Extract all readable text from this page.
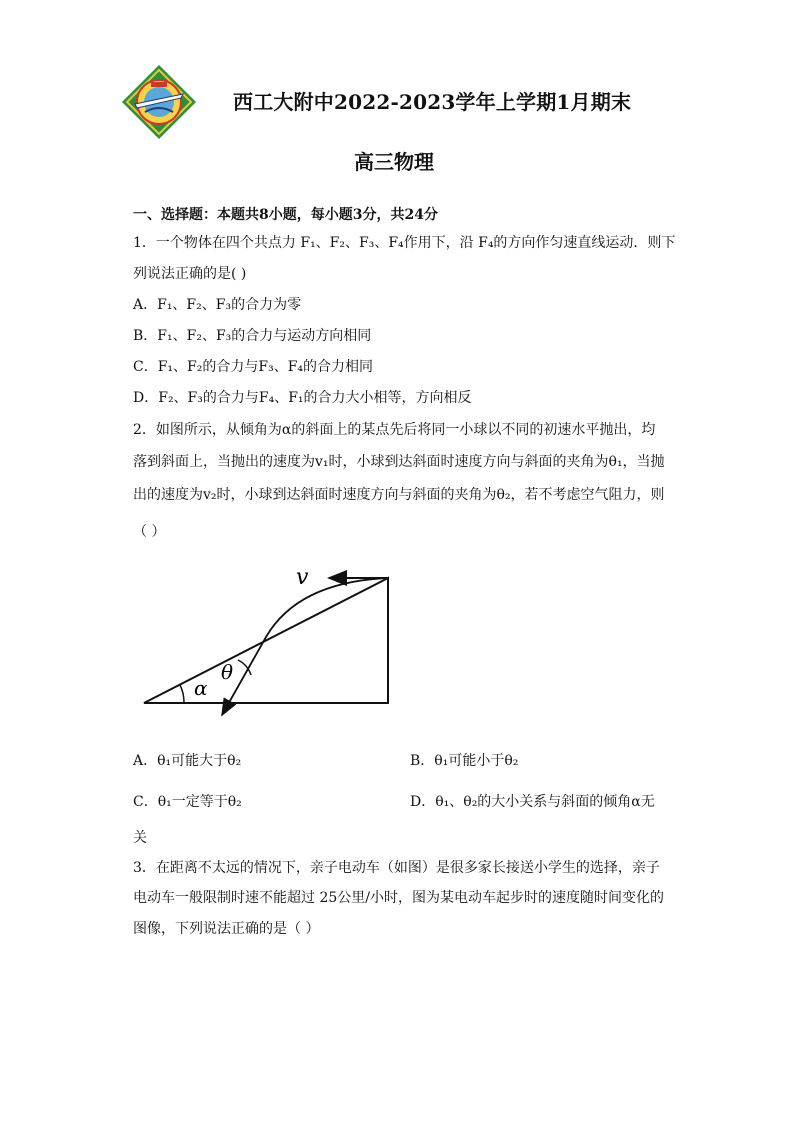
西工大附中2022-2023学年上学期1月期末
高三物理
一、选择题：本题共8小题，每小题3分，共24分
1．一个物体在四个共点力 F₁、F₂、F₃、F₄作用下，沿 F₄的方向作匀速直线运动．则下
列说法正确的是( )
A．F₁、F₂、F₃的合力为零
B．F₁、F₂、F₃的合力与运动方向相同
C．F₁、F₂的合力与F₃、F₄的合力相同
D．F₂、F₃的合力与F₄、F₁的合力大小相等，方向相反
2．如图所示，从倾角为α的斜面上的某点先后将同一小球以不同的初速水平抛出，均
落到斜面上，当抛出的速度为v₁时，小球到达斜面时速度方向与斜面的夹角为θ₁，当抛
出的速度为v₂时，小球到达斜面时速度方向与斜面的夹角为θ₂，若不考虑空气阻力，则
（ ）
v
θ
α
A．θ₁可能大于θ₂	B．θ₁可能小于θ₂
C．θ₁一定等于θ₂	D．θ₁、θ₂的大小关系与斜面的倾角α无
关
3．在距离不太远的情况下，亲子电动车（如图）是很多家长接送小学生的选择，亲子
电动车一般限制时速不能超过 25公里/小时，图为某电动车起步时的速度随时间变化的
图像，下列说法正确的是（ ）
